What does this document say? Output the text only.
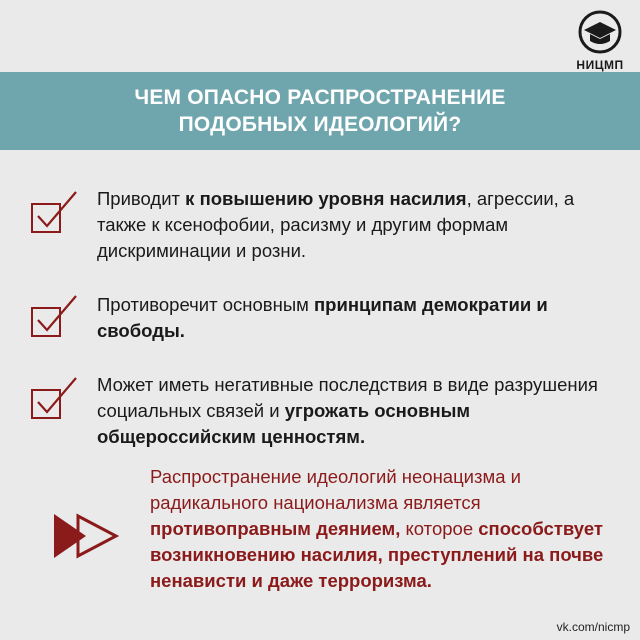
НИЦМП
ЧЕМ ОПАСНО РАСПРОСТРАНЕНИЕ ПОДОБНЫХ ИДЕОЛОГИЙ?
Приводит к повышению уровня насилия, агрессии, а также к ксенофобии, расизму и другим формам дискриминации и розни.
Противоречит основным принципам демократии и свободы.
Может иметь негативные последствия в виде разрушения социальных связей и угрожать основным общероссийским ценностям.
Распространение идеологий неонацизма и радикального национализма является противоправным деянием, которое способствует возникновению насилия, преступлений на почве ненависти и даже терроризма.
vk.com/nicmp
